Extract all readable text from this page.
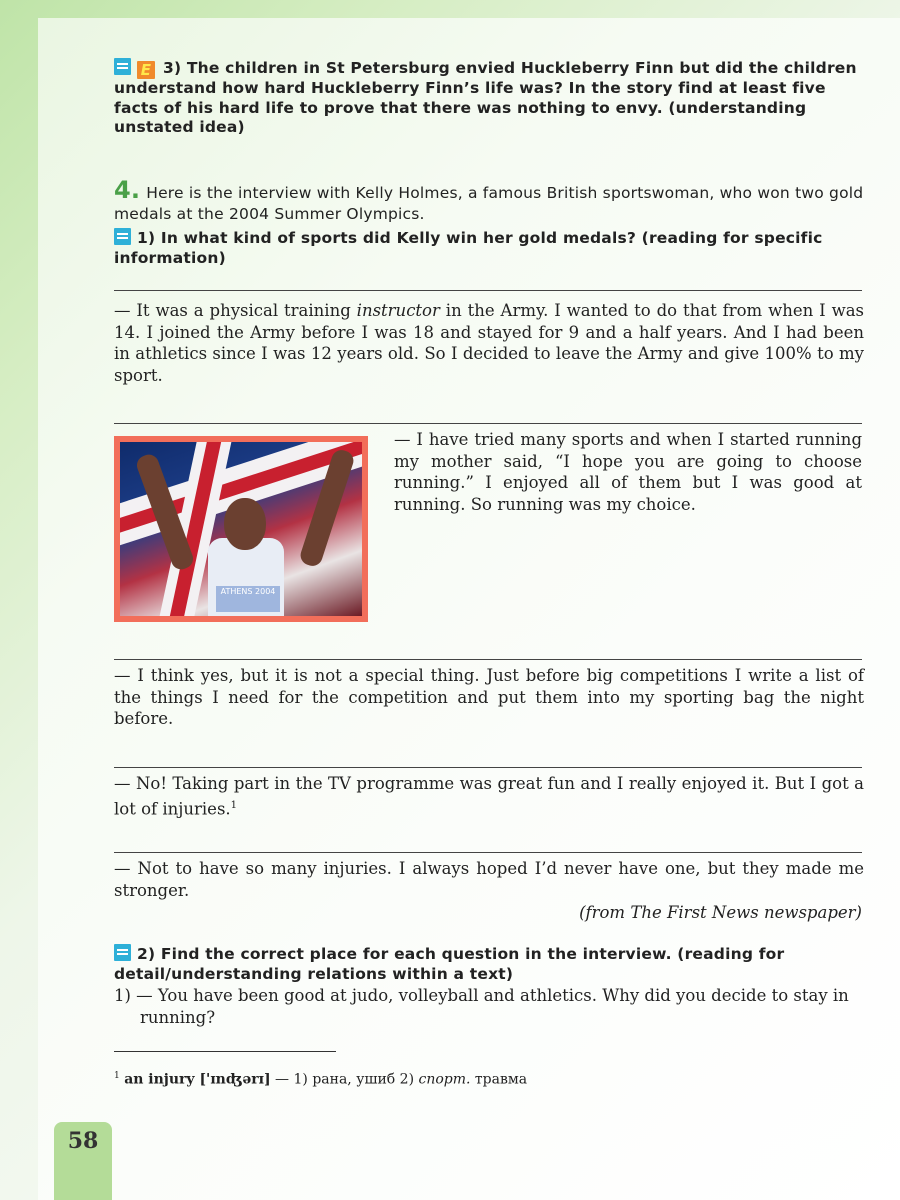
E 3) The children in St Petersburg envied Huckleberry Finn but did the children understand how hard Huckleberry Finn’s life was? In the story find at least five facts of his hard life to prove that there was nothing to envy. (understanding unstated idea)
4. Here is the interview with Kelly Holmes, a famous British sportswoman, who won two gold medals at the 2004 Summer Olympics.
1) In what kind of sports did Kelly win her gold medals? (reading for specific information)
— It was a physical training instructor in the Army. I wanted to do that from when I was 14. I joined the Army before I was 18 and stayed for 9 and a half years. And I had been in athletics since I was 12 years old. So I decided to leave the Army and give 100% to my sport.
ATHENS 2004
— I have tried many sports and when I started running my mother said, “I hope you are going to choose running.” I enjoyed all of them but I was good at running. So running was my choice.
— I think yes, but it is not a special thing. Just before big competitions I write a list of the things I need for the competition and put them into my sporting bag the night before.
— No! Taking part in the TV programme was great fun and I really enjoyed it. But I got a lot of injuries.$^1$
— Not to have so many injuries. I always hoped I’d never have one, but they made me stronger.
(from The First News newspaper)
2) Find the correct place for each question in the interview. (reading for detail/understanding relations within a text)
1) — You have been good at judo, volleyball and athletics. Why did you decide to stay in running?
$^1$ an injury ['ɪnʤərɪ] — 1) рана, ушиб 2) спорт. травма
58
